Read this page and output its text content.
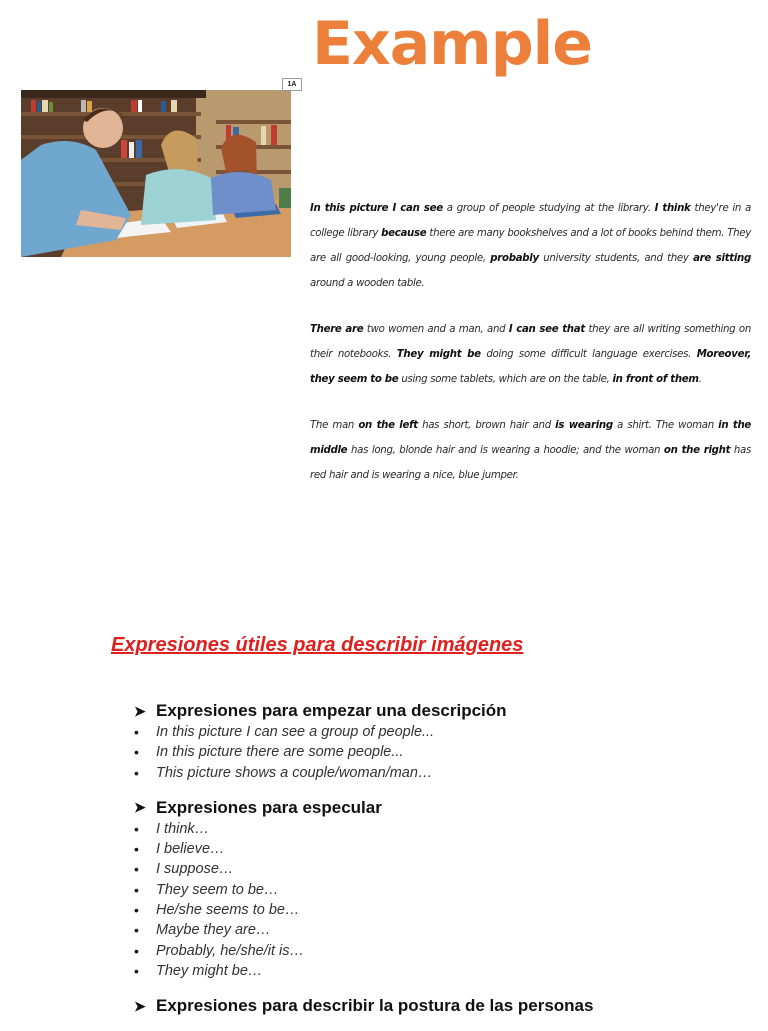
Example
1A

In this picture I can see a group of people studying at the library. I think they're in a college library because there are many bookshelves and a lot of books behind them. They are all good-looking, young people, probably university students, and they are sitting around a wooden table.

There are two women and a man, and I can see that they are all writing something on their notebooks. They might be doing some difficult language exercises. Moreover, they seem to be using some tablets, which are on the table, in front of them.

The man on the left has short, brown hair and is wearing a shirt. The woman in the middle has long, blonde hair and is wearing a hoodie; and the woman on the right has red hair and is wearing a nice, blue jumper.

Expresiones útiles para describir imágenes
➤ Expresiones para empezar una descripción
• In this picture I can see a group of people...
• In this picture there are some people...
• This picture shows a couple/woman/man…
➤ Expresiones para especular
• I think…
• I believe…
• I suppose…
• They seem to be…
• He/she seems to be…
• Maybe they are…
• Probably, he/she/it is…
• They might be…
➤ Expresiones para describir la postura de las personas
